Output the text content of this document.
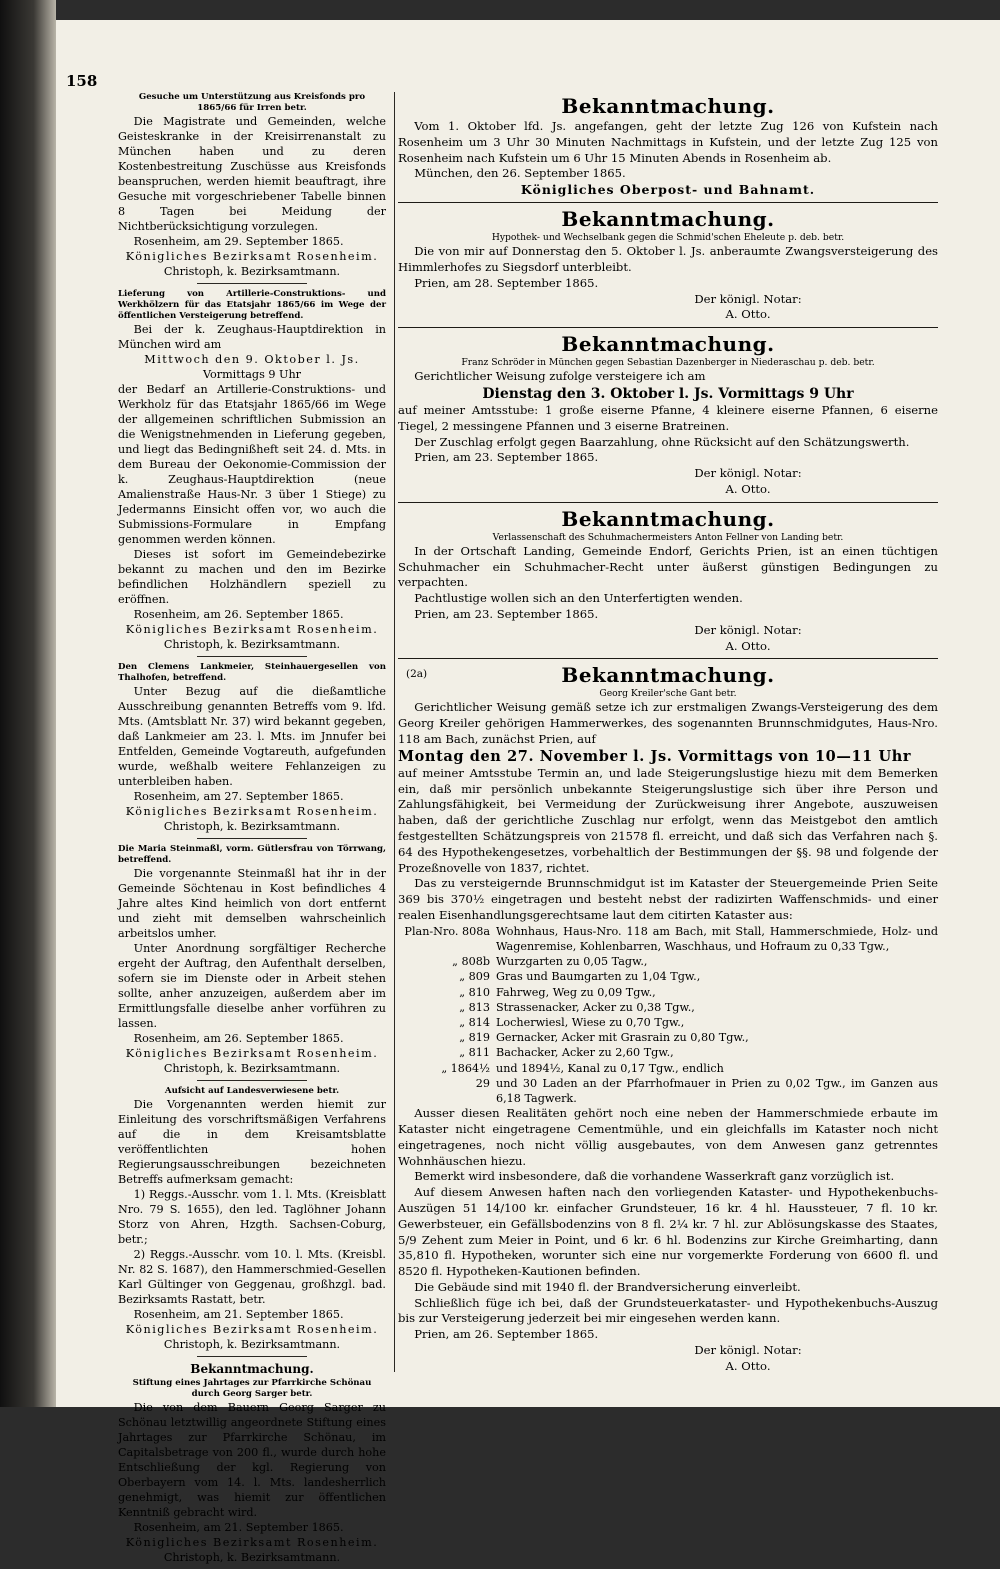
158

Gesuche um Unterstützung aus Kreisfonds pro 1865/66 für Irren betr.

Die Magistrate und Gemeinden, welche Geisteskranke in der Kreisirrenanstalt zu München haben und zu deren Kostenbestreitung Zuschüsse aus Kreisfonds beanspruchen, werden hiemit beauftragt, ihre Gesuche mit vorgeschriebener Tabelle binnen 8 Tagen bei Meidung der Nichtberücksichtigung vorzulegen.

Rosenheim, am 29. September 1865.

Königliches Bezirksamt Rosenheim.

Christoph, k. Bezirksamtmann.

Lieferung von Artillerie-Construktions- und Werkhölzern für das Etatsjahr 1865/66 im Wege der öffentlichen Versteigerung betreffend.

Bei der k. Zeughaus-Hauptdirektion in München wird am

Mittwoch den 9. Oktober l. Js.

Vormittags 9 Uhr

der Bedarf an Artillerie-Construktions- und Werkholz für das Etatsjahr 1865/66 im Wege der allgemeinen schriftlichen Submission an die Wenigstnehmenden in Lieferung gegeben, und liegt das Bedingnißheft seit 24. d. Mts. in dem Bureau der Oekonomie-Commission der k. Zeughaus-Hauptdirektion (neue Amalienstraße Haus-Nr. 3 über 1 Stiege) zu Jedermanns Einsicht offen vor, wo auch die Submissions-Formulare in Empfang genommen werden können.

Dieses ist sofort im Gemeindebezirke bekannt zu machen und den im Bezirke befindlichen Holzhändlern speziell zu eröffnen.

Rosenheim, am 26. September 1865.

Königliches Bezirksamt Rosenheim.

Christoph, k. Bezirksamtmann.

Den Clemens Lankmeier, Steinhauergesellen von Thalhofen, betreffend.

Unter Bezug auf die dießamtliche Ausschreibung genannten Betreffs vom 9. lfd. Mts. (Amtsblatt Nr. 37) wird bekannt gegeben, daß Lankmeier am 23. l. Mts. im Jnnufer bei Entfelden, Gemeinde Vogtareuth, aufgefunden wurde, weßhalb weitere Fehlanzeigen zu unterbleiben haben.

Rosenheim, am 27. September 1865.

Königliches Bezirksamt Rosenheim.

Christoph, k. Bezirksamtmann.

Die Maria Steinmaßl, vorm. Gütlersfrau von Törrwang, betreffend.

Die vorgenannte Steinmaßl hat ihr in der Gemeinde Söchtenau in Kost befindliches 4 Jahre altes Kind heimlich von dort entfernt und zieht mit demselben wahrscheinlich arbeitslos umher.

Unter Anordnung sorgfältiger Recherche ergeht der Auftrag, den Aufenthalt derselben, sofern sie im Dienste oder in Arbeit stehen sollte, anher anzuzeigen, außerdem aber im Ermittlungsfalle dieselbe anher vorführen zu lassen.

Rosenheim, am 26. September 1865.

Königliches Bezirksamt Rosenheim.

Christoph, k. Bezirksamtmann.

Aufsicht auf Landesverwiesene betr.

Die Vorgenannten werden hiemit zur Einleitung des vorschriftsmäßigen Verfahrens auf die in dem Kreisamtsblatte veröffentlichten hohen Regierungsausschreibungen bezeichneten Betreffs aufmerksam gemacht:

1) Reggs.-Ausschr. vom 1. l. Mts. (Kreisblatt Nro. 79 S. 1655), den led. Taglöhner Johann Storz von Ahren, Hzgth. Sachsen-Coburg, betr.;

2) Reggs.-Ausschr. vom 10. l. Mts. (Kreisbl. Nr. 82 S. 1687), den Hammerschmied-Gesellen Karl Gültinger von Geggenau, großhzgl. bad. Bezirksamts Rastatt, betr.

Rosenheim, am 21. September 1865.

Königliches Bezirksamt Rosenheim.

Christoph, k. Bezirksamtmann.

Bekanntmachung.

Stiftung eines Jahrtages zur Pfarrkirche Schönau durch Georg Sarger betr.

Die von dem Bauern Georg Sarger zu Schönau letztwillig angeordnete Stiftung eines Jahrtages zur Pfarrkirche Schönau, im Capitalsbetrage von 200 fl., wurde durch hohe Entschließung der kgl. Regierung von Oberbayern vom 14. l. Mts. landesherrlich genehmigt, was hiemit zur öffentlichen Kenntniß gebracht wird.

Rosenheim, am 21. September 1865.

Königliches Bezirksamt Rosenheim.

Christoph, k. Bezirksamtmann.

Bekanntmachung.

Vom 1. Oktober lfd. Js. angefangen, geht der letzte Zug 126 von Kufstein nach Rosenheim um 3 Uhr 30 Minuten Nachmittags in Kufstein, und der letzte Zug 125 von Rosenheim nach Kufstein um 6 Uhr 15 Minuten Abends in Rosenheim ab.

München, den 26. September 1865.

Königliches Oberpost- und Bahnamt.

Bekanntmachung.

Hypothek- und Wechselbank gegen die Schmid'schen Eheleute p. deb. betr.

Die von mir auf Donnerstag den 5. Oktober l. Js. anberaumte Zwangsversteigerung des Himmlerhofes zu Siegsdorf unterbleibt.

Prien, am 28. September 1865.

Der königl. Notar:

A. Otto.

Bekanntmachung.

Franz Schröder in München gegen Sebastian Dazenberger in Niederaschau p. deb. betr.

Gerichtlicher Weisung zufolge versteigere ich am

Dienstag den 3. Oktober l. Js. Vormittags 9 Uhr

auf meiner Amtsstube: 1 große eiserne Pfanne, 4 kleinere eiserne Pfannen, 6 eiserne Tiegel, 2 messingene Pfannen und 3 eiserne Bratreinen.

Der Zuschlag erfolgt gegen Baarzahlung, ohne Rücksicht auf den Schätzungswerth.

Prien, am 23. September 1865.

Der königl. Notar:

A. Otto.

Bekanntmachung.

Verlassenschaft des Schuhmachermeisters Anton Fellner von Landing betr.

In der Ortschaft Landing, Gemeinde Endorf, Gerichts Prien, ist an einen tüchtigen Schuhmacher ein Schuhmacher-Recht unter äußerst günstigen Bedingungen zu verpachten.

Pachtlustige wollen sich an den Unterfertigten wenden.

Prien, am 23. September 1865.

Der königl. Notar:

A. Otto.

(2a)	Bekanntmachung.

Georg Kreiler'sche Gant betr.

Gerichtlicher Weisung gemäß setze ich zur erstmaligen Zwangs-Versteigerung des dem Georg Kreiler gehörigen Hammerwerkes, des sogenannten Brunnschmidgutes, Haus-Nro. 118 am Bach, zunächst Prien, auf

Montag den 27. November l. Js. Vormittags von 10—11 Uhr

auf meiner Amtsstube Termin an, und lade Steigerungslustige hiezu mit dem Bemerken ein, daß mir persönlich unbekannte Steigerungslustige sich über ihre Person und Zahlungsfähigkeit, bei Vermeidung der Zurückweisung ihrer Angebote, auszuweisen haben, daß der gerichtliche Zuschlag nur erfolgt, wenn das Meistgebot den amtlich festgestellten Schätzungspreis von 21578 fl. erreicht, und daß sich das Verfahren nach §. 64 des Hypothekengesetzes, vorbehaltlich der Bestimmungen der §§. 98 und folgende der Prozeßnovelle von 1837, richtet.

Das zu versteigernde Brunnschmidgut ist im Kataster der Steuergemeinde Prien Seite 369 bis 370½ eingetragen und besteht nebst der radizirten Waffenschmids- und einer realen Eisenhandlungsgerechtsame laut dem citirten Kataster aus:

Plan-Nro. 808a Wohnhaus, Haus-Nro. 118 am Bach, mit Stall, Hammerschmiede, Holz- und Wagenremise, Kohlenbarren, Waschhaus, und Hofraum zu 0,33 Tgw.,
„ 808b Wurzgarten zu 0,05 Tagw.,
„ 809 Gras und Baumgarten zu 1,04 Tgw.,
„ 810 Fahrweg, Weg zu 0,09 Tgw.,
„ 813 Strassenacker, Acker zu 0,38 Tgw.,
„ 814 Locherwiesl, Wiese zu 0,70 Tgw.,
„ 819 Gernacker, Acker mit Grasrain zu 0,80 Tgw.,
„ 811 Bachacker, Acker zu 2,60 Tgw.,
„ 1864½ und 1894½, Kanal zu 0,17 Tgw., endlich
29 und 30 Laden an der Pfarrhofmauer in Prien zu 0,02 Tgw., im Ganzen aus 6,18 Tagwerk.

Ausser diesen Realitäten gehört noch eine neben der Hammerschmiede erbaute im Kataster nicht eingetragene Cementmühle, und ein gleichfalls im Kataster noch nicht eingetragenes, noch nicht völlig ausgebautes, von dem Anwesen ganz getrenntes Wohnhäuschen hiezu.

Bemerkt wird insbesondere, daß die vorhandene Wasserkraft ganz vorzüglich ist.

Auf diesem Anwesen haften nach den vorliegenden Kataster- und Hypothekenbuchs-Auszügen 51 14/100 kr. einfacher Grundsteuer, 16 kr. 4 hl. Haussteuer, 7 fl. 10 kr. Gewerbsteuer, ein Gefällsbodenzins von 8 fl. 2¼ kr. 7 hl. zur Ablösungskasse des Staates, 5/9 Zehent zum Meier in Point, und 6 kr. 6 hl. Bodenzins zur Kirche Greimharting, dann 35,810 fl. Hypotheken, worunter sich eine nur vorgemerkte Forderung von 6600 fl. und 8520 fl. Hypotheken-Kautionen befinden.

Die Gebäude sind mit 1940 fl. der Brandversicherung einverleibt.

Schließlich füge ich bei, daß der Grundsteuerkataster- und Hypothekenbuchs-Auszug bis zur Versteigerung jederzeit bei mir eingesehen werden kann.

Prien, am 26. September 1865.

Der königl. Notar:

A. Otto.
